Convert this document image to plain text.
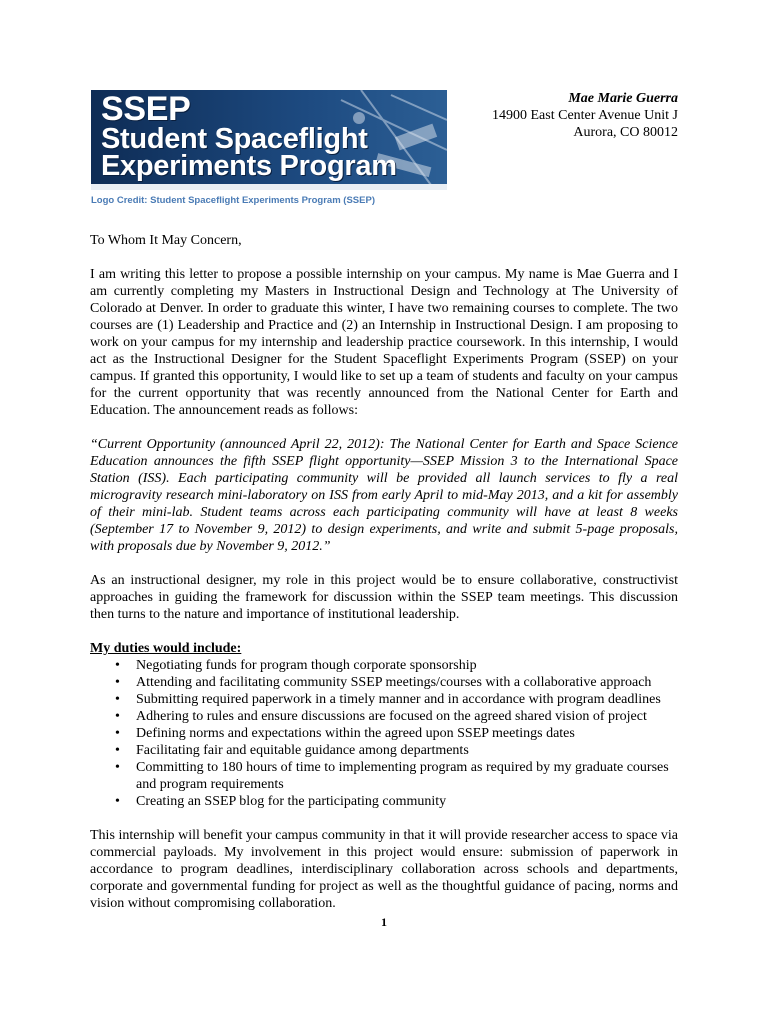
SSEP
Student Spaceflight
Experiments Program
Logo Credit: Student Spaceflight Experiments Program (SSEP)
Mae Marie Guerra
14900 East Center Avenue Unit J
Aurora, CO 80012

To Whom It May Concern,

I am writing this letter to propose a possible internship on your campus. My name is Mae Guerra and I am currently completing my Masters in Instructional Design and Technology at The University of Colorado at Denver. In order to graduate this winter, I have two remaining courses to complete. The two courses are (1) Leadership and Practice and (2) an Internship in Instructional Design. I am proposing to work on your campus for my internship and leadership practice coursework. In this internship, I would act as the Instructional Designer for the Student Spaceflight Experiments Program (SSEP) on your campus. If granted this opportunity, I would like to set up a team of students and faculty on your campus for the current opportunity that was recently announced from the National Center for Earth and Education. The announcement reads as follows:

“Current Opportunity (announced April 22, 2012): The National Center for Earth and Space Science Education announces the fifth SSEP flight opportunity—SSEP Mission 3 to the International Space Station (ISS). Each participating community will be provided all launch services to fly a real microgravity research mini-laboratory on ISS from early April to mid-May 2013, and a kit for assembly of their mini-lab. Student teams across each participating community will have at least 8 weeks (September 17 to November 9, 2012) to design experiments, and write and submit 5-page proposals, with proposals due by November 9, 2012.”

As an instructional designer, my role in this project would be to ensure collaborative, constructivist approaches in guiding the framework for discussion within the SSEP team meetings. This discussion then turns to the nature and importance of institutional leadership.

My duties would include:

• Negotiating funds for program though corporate sponsorship
• Attending and facilitating community SSEP meetings/courses with a collaborative approach
• Submitting required paperwork in a timely manner and in accordance with program deadlines
• Adhering to rules and ensure discussions are focused on the agreed shared vision of project
• Defining norms and expectations within the agreed upon SSEP meetings dates
• Facilitating fair and equitable guidance among departments
• Committing to 180 hours of time to implementing program as required by my graduate courses and program requirements
• Creating an SSEP blog for the participating community

This internship will benefit your campus community in that it will provide researcher access to space via commercial payloads. My involvement in this project would ensure: submission of paperwork in accordance to program deadlines, interdisciplinary collaboration across schools and departments, corporate and governmental funding for project as well as the thoughtful guidance of pacing, norms and vision without compromising collaboration.

1
